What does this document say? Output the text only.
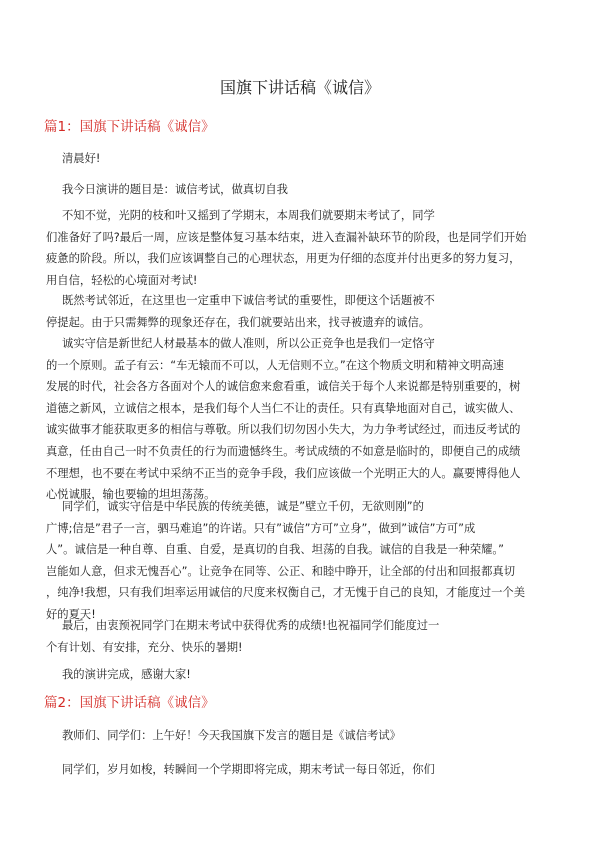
国旗下讲话稿《诚信》
篇1：国旗下讲话稿《诚信》
清晨好!
我今日演讲的题目是：诚信考试，做真切自我
不知不觉，光阴的枝和叶又摇到了学期末，本周我们就要期末考试了，同学
们准备好了吗?最后一周，应该是整体复习基本结束，进入查漏补缺环节的阶段，也是同学们开始
疲惫的阶段。所以，我们应该调整自己的心理状态，用更为仔细的态度并付出更多的努力复习，
用自信，轻松的心境面对考试!
既然考试邻近，在这里也一定重申下诚信考试的重要性，即便这个话题被不
停提起。由于只需舞弊的现象还存在，我们就要站出来，找寻被遗弃的诚信。
诚实守信是新世纪人材最基本的做人准则，所以公正竞争也是我们一定恪守
的一个原则。孟子有云：“车无辕而不可以，人无信则不立。”在这个物质文明和精神文明高速
发展的时代，社会各方各面对个人的诚信愈来愈看重，诚信关于每个人来说都是特别重要的，树
道德之新风，立诚信之根本，是我们每个人当仁不让的责任。只有真挚地面对自己，诚实做人、
诚实做事才能获取更多的相信与尊敬。所以我们切勿因小失大，为力争考试经过，而违反考试的
真意，任由自己一时不负责任的行为而遗憾终生。考试成绩的不如意是临时的，即便自己的成绩
不理想，也不要在考试中采纳不正当的竞争手段，我们应该做一个光明正大的人。赢要博得他人
心悦诚服，输也要输的坦坦荡荡。
同学们，诚实守信是中华民族的传统美德，诚是”壁立千仞，无欲则刚”的
广博;信是”君子一言，驷马难追”的许诺。只有”诚信”方可”立身”，做到”诚信”方可”成
人”。诚信是一种自尊、自重、自爱，是真切的自我、坦荡的自我。诚信的自我是一种荣耀。”
岂能如人意，但求无愧吾心”。让竞争在同等、公正、和睦中睁开，让全部的付出和回报都真切
，纯净!我想，只有我们坦率运用诚信的尺度来权衡自己，才无愧于自己的良知，才能度过一个美
好的夏天!
最后，由衷预祝同学门在期末考试中获得优秀的成绩!也祝福同学们能度过一
个有计划、有安排，充分、快乐的暑期!
我的演讲完成，感谢大家!
篇2：国旗下讲话稿《诚信》
教师们、同学们：上午好！今天我国旗下发言的题目是《诚信考试》
同学们，岁月如梭，转瞬间一个学期即将完成，期末考试一每日邻近，你们
